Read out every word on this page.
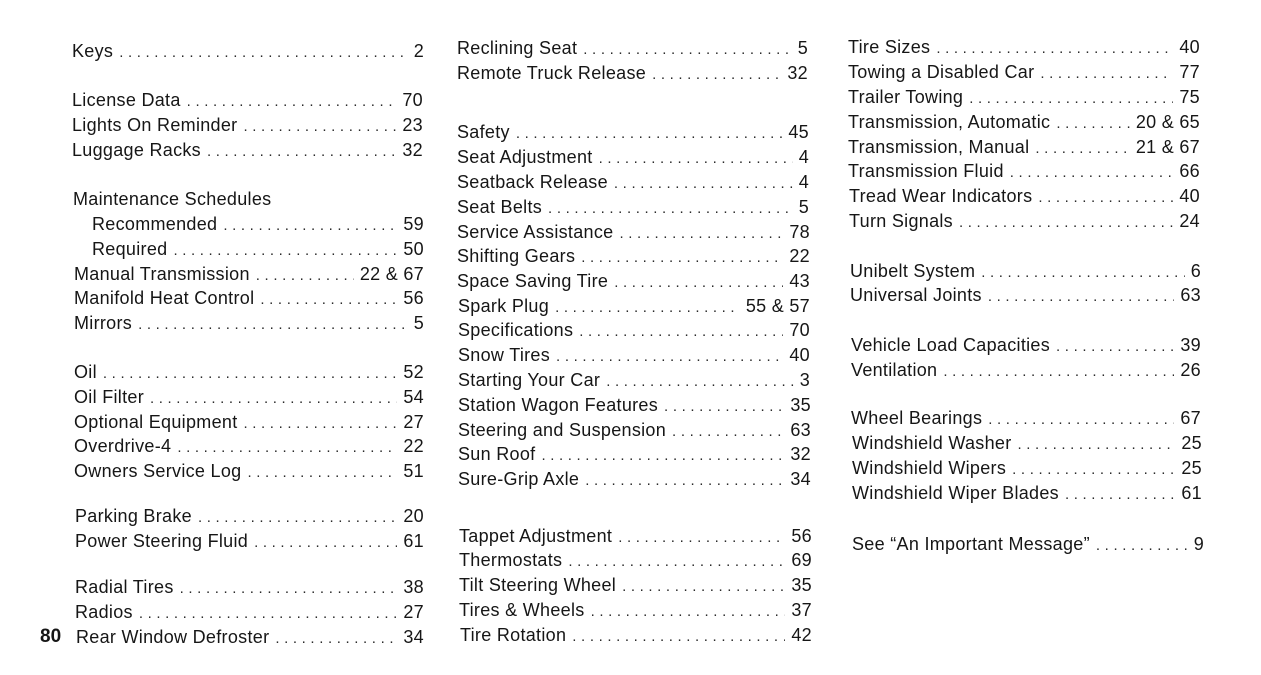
Keys .....	2
License Data .....	70
Lights On Reminder .....	23
Luggage Racks .....	32
Maintenance Schedules
Recommended .....	59
Required .....	50
Manual Transmission .....	22 & 67
Manifold Heat Control .....	56
Mirrors .....	5
Oil .....	52
Oil Filter .....	54
Optional Equipment .....	27
Overdrive-4 .....	22
Owners Service Log .....	51
Parking Brake .....	20
Power Steering Fluid .....	61
Radial Tires .....	38
Radios .....	27
Rear Window Defroster .....	34
Reclining Seat .....	5
Remote Truck Release .....	32
Safety .....	45
Seat Adjustment .....	4
Seatback Release .....	4
Seat Belts .....	5
Service Assistance .....	78
Shifting Gears .....	22
Space Saving Tire .....	43
Spark Plug .....	55 & 57
Specifications .....	70
Snow Tires .....	40
Starting Your Car .....	3
Station Wagon Features .....	35
Steering and Suspension .....	63
Sun Roof .....	32
Sure-Grip Axle .....	34
Tappet Adjustment .....	56
Thermostats .....	69
Tilt Steering Wheel .....	35
Tires & Wheels .....	37
Tire Rotation .....	42
Tire Sizes .....	40
Towing a Disabled Car .....	77
Trailer Towing .....	75
Transmission, Automatic .....	20 & 65
Transmission, Manual .....	21 & 67
Transmission Fluid .....	66
Tread Wear Indicators .....	40
Turn Signals .....	24
Unibelt System .....	6
Universal Joints .....	63
Vehicle Load Capacities .....	39
Ventilation .....	26
Wheel Bearings .....	67
Windshield Washer .....	25
Windshield Wipers .....	25
Windshield Wiper Blades .....	61
See “An Important Message” .....	9
80
